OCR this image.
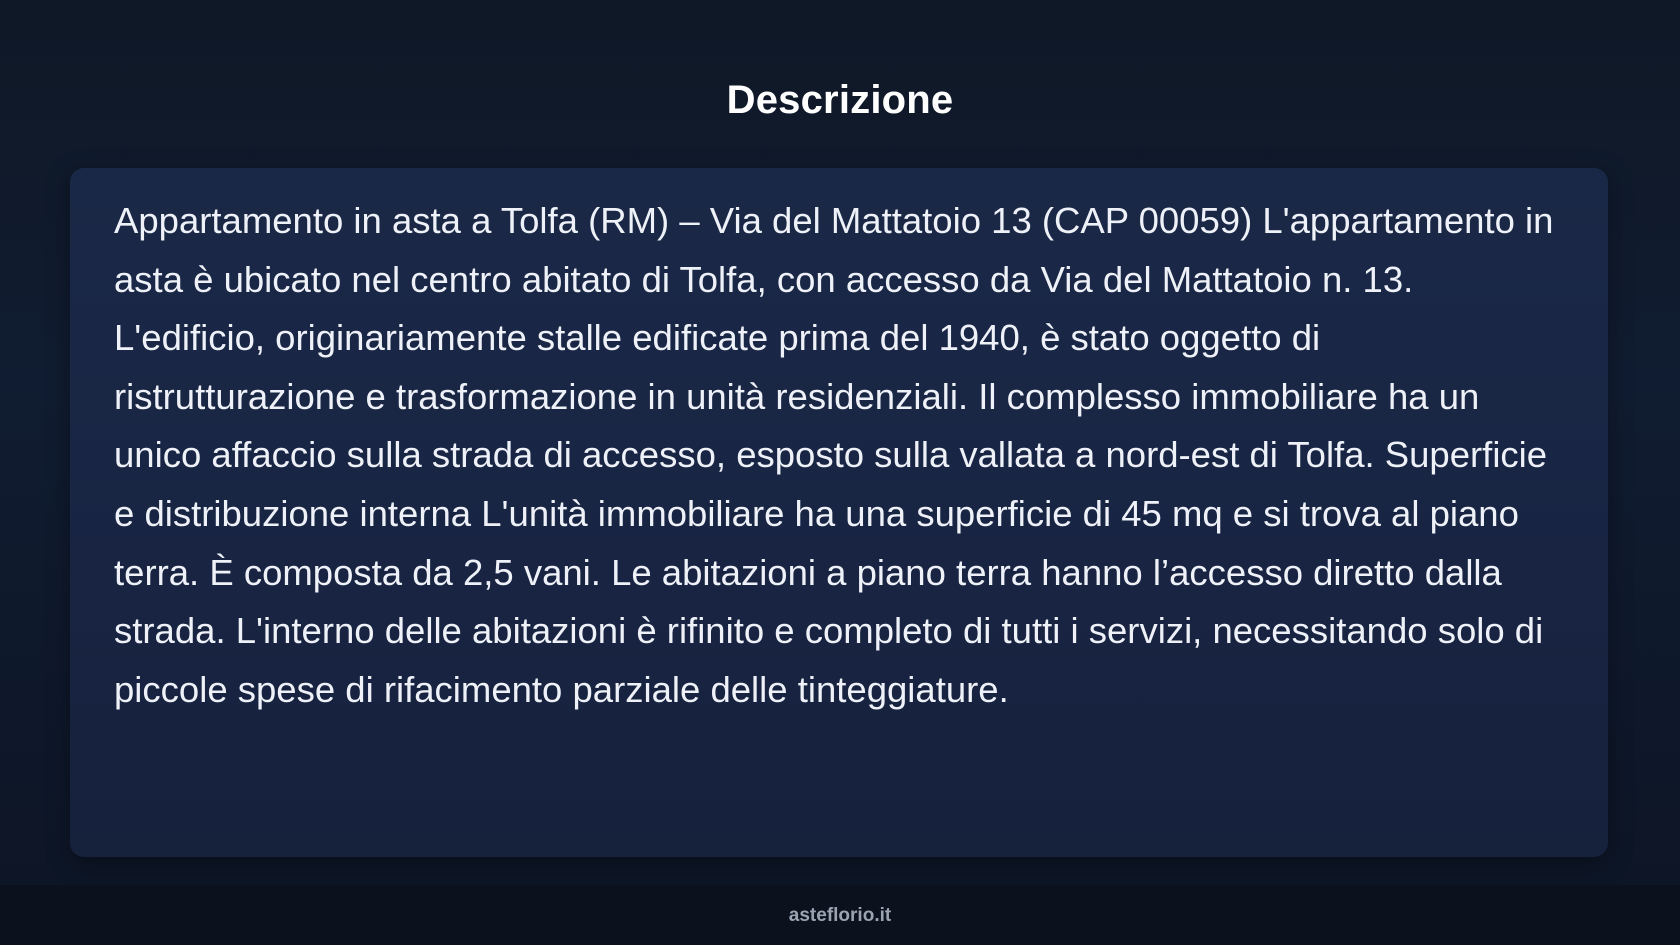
Descrizione

Appartamento in asta a Tolfa (RM) – Via del Mattatoio 13 (CAP 00059) L'appartamento in asta è ubicato nel centro abitato di Tolfa, con accesso da Via del Mattatoio n. 13. L'edificio, originariamente stalle edificate prima del 1940, è stato oggetto di ristrutturazione e trasformazione in unità residenziali. Il complesso immobiliare ha un unico affaccio sulla strada di accesso, esposto sulla vallata a nord-est di Tolfa. Superficie e distribuzione interna L'unità immobiliare ha una superficie di 45 mq e si trova al piano terra. È composta da 2,5 vani. Le abitazioni a piano terra hanno l’accesso diretto dalla strada. L'interno delle abitazioni è rifinito e completo di tutti i servizi, necessitando solo di piccole spese di rifacimento parziale delle tinteggiature.

asteflorio.it
